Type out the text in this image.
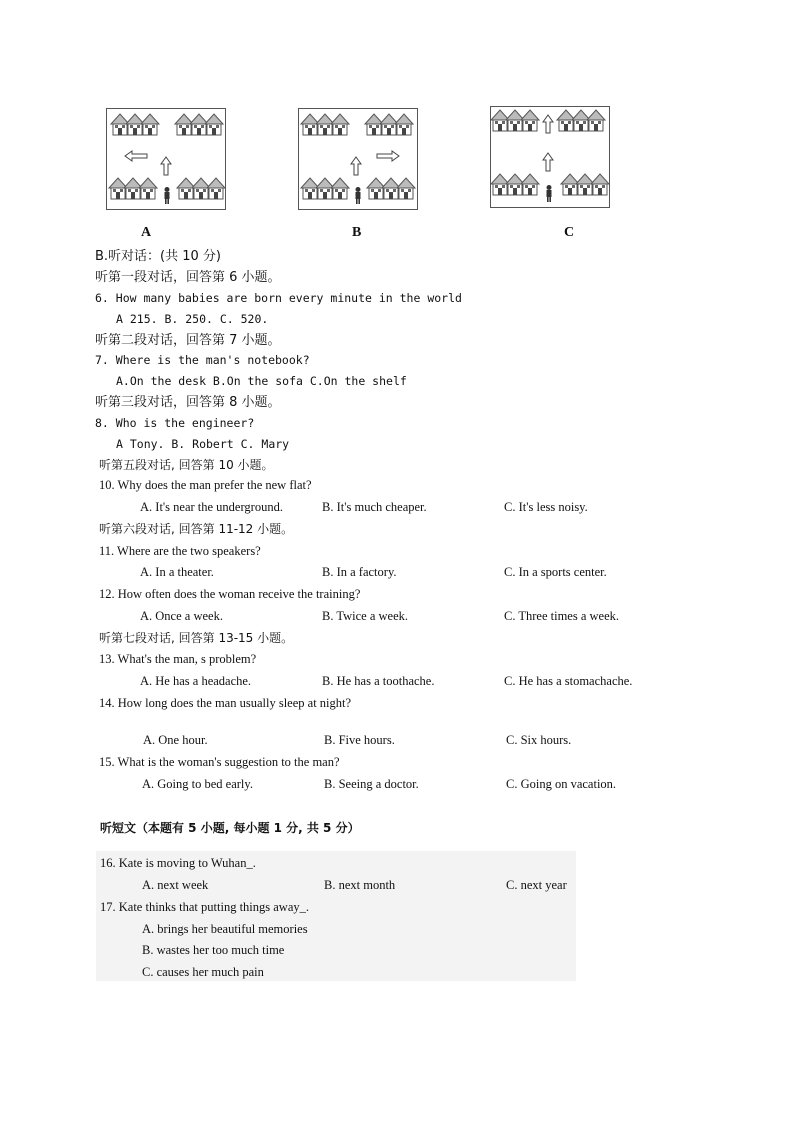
A	B	C
B.听对话：(共 10 分)
听第一段对话，回答第 6 小题。
6. How many babies are born every minute in the world
A 215. B. 250. C. 520.
听第二段对话，回答第 7 小题。
7. Where is the man's notebook?
A.On the desk B.On the sofa C.On the shelf
听第三段对话，回答第 8 小题。
8. Who is the engineer?
A Tony. B. Robert C. Mary
听第五段对话, 回答第 10 小题。
10. Why does the man prefer the new flat?
A. It's near the underground.	B. It's much cheaper.	C. It's less noisy.
听第六段对话, 回答第 11-12 小题。
11. Where are the two speakers?
A. In a theater.	B. In a factory.	C. In a sports center.
12. How often does the woman receive the training?
A. Once a week.	B. Twice a week.	C. Three times a week.
听第七段对话, 回答第 13-15 小题。
13. What's the man, s problem?
A. He has a headache.	B. He has a toothache.	C. He has a stomachache.
14. How long does the man usually sleep at night?
A. One hour.	B. Five hours.	C. Six hours.
15. What is the woman's suggestion to the man?
A. Going to bed early.	B. Seeing a doctor.	C. Going on vacation.
听短文（本题有 5 小题, 每小题 1 分, 共 5 分）
16. Kate is moving to Wuhan_.
A. next week	B. next month	C. next year
17. Kate thinks that putting things away_.
A. brings her beautiful memories
B. wastes her too much time
C. causes her much pain
